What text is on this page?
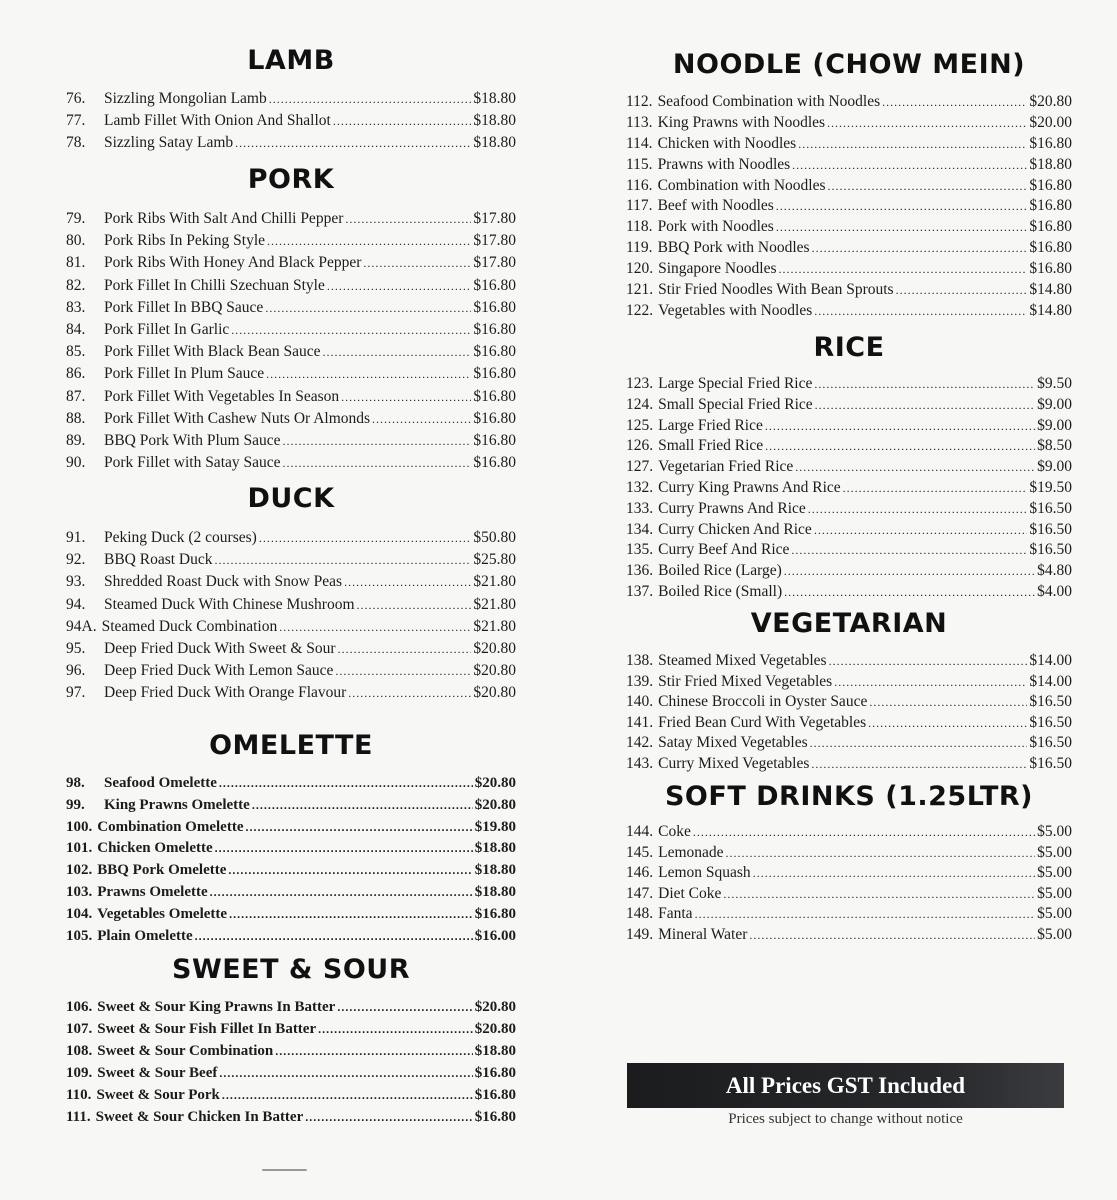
LAMB
76.	Sizzling Mongolian Lamb .....	$18.80
77.	Lamb Fillet With Onion And Shallot .....	$18.80
78.	Sizzling Satay Lamb .....	$18.80
PORK
79.	Pork Ribs With Salt And Chilli Pepper .....	$17.80
80.	Pork Ribs In Peking Style .....	$17.80
81.	Pork Ribs With Honey And Black Pepper .....	$17.80
82.	Pork Fillet In Chilli Szechuan Style .....	$16.80
83.	Pork Fillet In BBQ Sauce .....	$16.80
84.	Pork Fillet In Garlic .....	$16.80
85.	Pork Fillet With Black Bean Sauce .....	$16.80
86.	Pork Fillet In Plum Sauce .....	$16.80
87.	Pork Fillet With Vegetables In Season .....	$16.80
88.	Pork Fillet With Cashew Nuts Or Almonds .....	$16.80
89.	BBQ Pork With Plum Sauce .....	$16.80
90.	Pork Fillet with Satay Sauce .....	$16.80
DUCK
91.	Peking Duck (2 courses) .....	$50.80
92.	BBQ Roast Duck .....	$25.80
93.	Shredded Roast Duck with Snow Peas .....	$21.80
94.	Steamed Duck With Chinese Mushroom .....	$21.80
94A. Steamed Duck Combination .....	$21.80
95.	Deep Fried Duck With Sweet & Sour .....	$20.80
96.	Deep Fried Duck With Lemon Sauce .....	$20.80
97.	Deep Fried Duck With Orange Flavour .....	$20.80
OMELETTE
98.	Seafood Omelette .....	$20.80
99.	King Prawns Omelette .....	$20.80
100. Combination Omelette .....	$19.80
101. Chicken Omelette .....	$18.80
102. BBQ Pork Omelette .....	$18.80
103. Prawns Omelette .....	$18.80
104. Vegetables Omelette .....	$16.80
105. Plain Omelette .....	$16.00
SWEET & SOUR
106. Sweet & Sour King Prawns In Batter .....	$20.80
107. Sweet & Sour Fish Fillet In Batter .....	$20.80
108. Sweet & Sour Combination .....	$18.80
109. Sweet & Sour Beef .....	$16.80
110. Sweet & Sour Pork .....	$16.80
111. Sweet & Sour Chicken In Batter .....	$16.80
NOODLE (CHOW MEIN)
112. Seafood Combination with Noodles .....	$20.80
113. King Prawns with Noodles .....	$20.00
114. Chicken with Noodles .....	$16.80
115. Prawns with Noodles .....	$18.80
116. Combination with Noodles .....	$16.80
117. Beef with Noodles .....	$16.80
118. Pork with Noodles .....	$16.80
119. BBQ Pork with Noodles .....	$16.80
120. Singapore Noodles .....	$16.80
121. Stir Fried Noodles With Bean Sprouts .....	$14.80
122. Vegetables with Noodles .....	$14.80
RICE
123. Large Special Fried Rice .....	$9.50
124. Small Special Fried Rice .....	$9.00
125. Large Fried Rice .....	$9.00
126. Small Fried Rice .....	$8.50
127. Vegetarian Fried Rice .....	$9.00
132. Curry King Prawns And Rice .....	$19.50
133. Curry Prawns And Rice .....	$16.50
134. Curry Chicken And Rice .....	$16.50
135. Curry Beef And Rice .....	$16.50
136. Boiled Rice (Large) .....	$4.80
137. Boiled Rice (Small) .....	$4.00
VEGETARIAN
138. Steamed Mixed Vegetables .....	$14.00
139. Stir Fried Mixed Vegetables .....	$14.00
140. Chinese Broccoli in Oyster Sauce .....	$16.50
141. Fried Bean Curd With Vegetables .....	$16.50
142. Satay Mixed Vegetables .....	$16.50
143. Curry Mixed Vegetables .....	$16.50
SOFT DRINKS (1.25LTR)
144. Coke .....	$5.00
145. Lemonade .....	$5.00
146. Lemon Squash .....	$5.00
147. Diet Coke .....	$5.00
148. Fanta .....	$5.00
149. Mineral Water .....	$5.00
All Prices GST Included
Prices subject to change without notice
